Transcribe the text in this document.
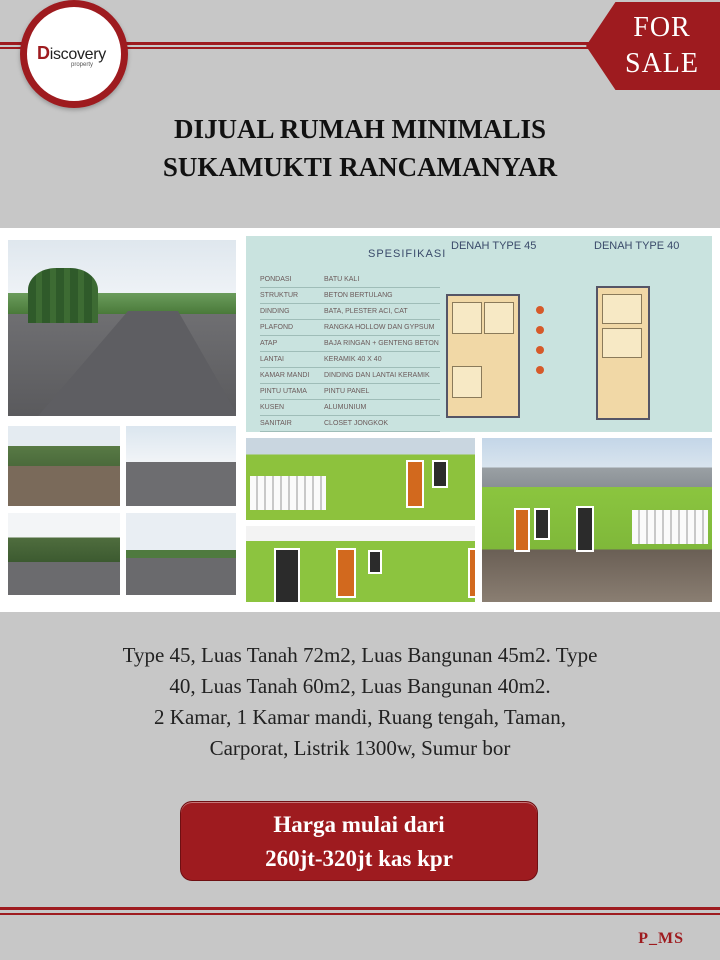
Discovery
property
FOR
SALE
DIJUAL RUMAH MINIMALIS
SUKAMUKTI RANCAMANYAR
SPESIFIKASI
DENAH TYPE 45	DENAH TYPE 40
PONDASI	BATU KALI
STRUKTUR	BETON BERTULANG
DINDING	BATA, PLESTER ACI, CAT
PLAFOND	RANGKA HOLLOW DAN GYPSUM
ATAP	BAJA RINGAN + GENTENG BETON
LANTAI	KERAMIK 40 X 40
KAMAR MANDI	DINDING DAN LANTAI KERAMIK
PINTU UTAMA	PINTU PANEL
KUSEN	ALUMUNIUM
SANITAIR	CLOSET JONGKOK
Type 45, Luas Tanah 72m2, Luas Bangunan 45m2. Type
40, Luas Tanah 60m2, Luas Bangunan 40m2.
2 Kamar, 1 Kamar mandi, Ruang tengah, Taman,
Carporat, Listrik 1300w, Sumur bor
Harga mulai dari
260jt-320jt kas kpr
P_MS
